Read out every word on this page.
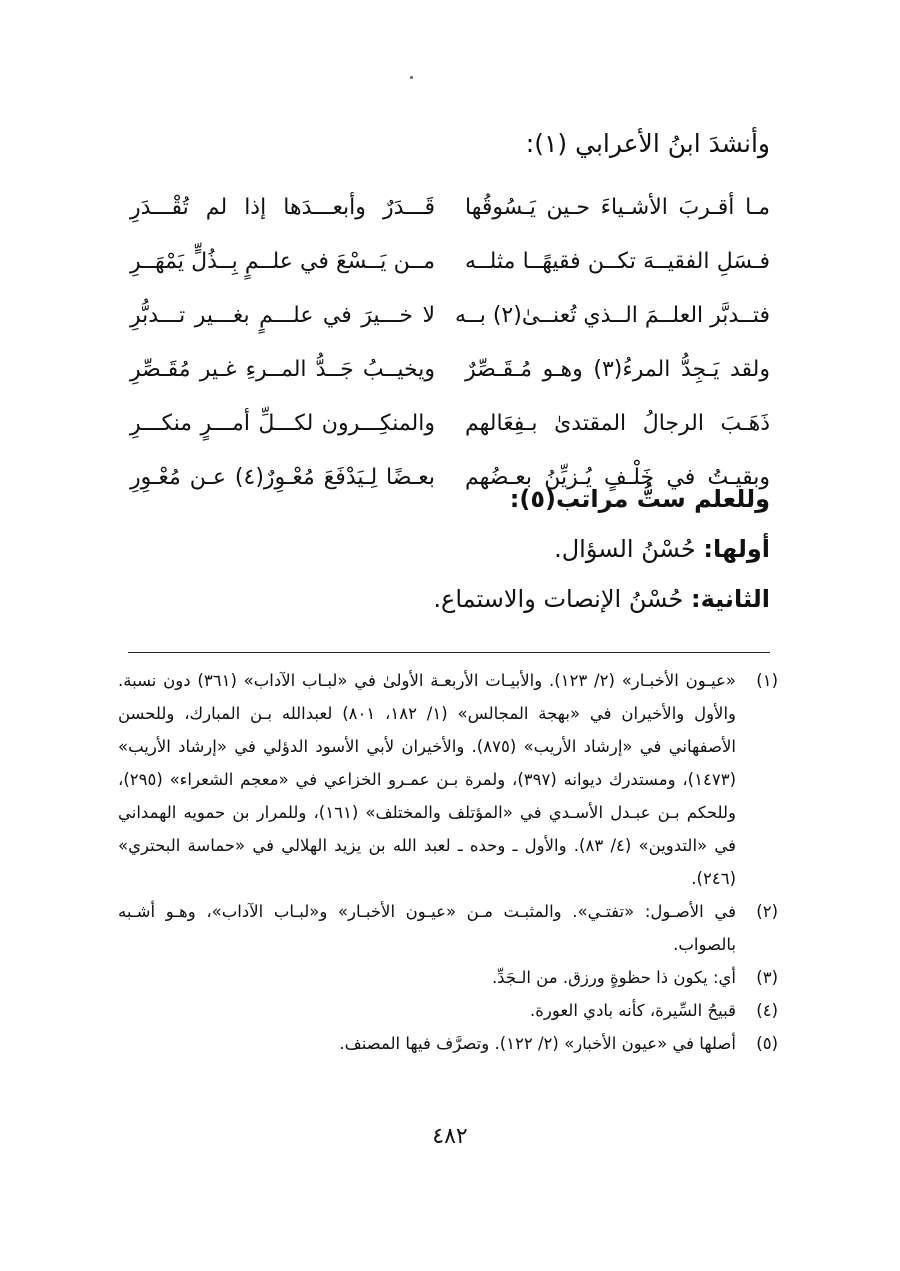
وأنشدَ ابنُ الأعرابي (١):
مـا أقـربَ الأشـياءَ حـين يَـسُوقُها
قَـــدَرٌ وأبعـــدَها إذا لم تُقْـــدَرِ
فـسَلِ الفقيــهَ تكــن فقيهًــا مثلــه
مــن يَــسْعَ في علــمٍ بِــذُلٍّ يَمْهَــرِ
فتــدبَّر العلــمَ الــذي تُعنــىٰ(٢) بــه
لا خـــيرَ في علـــمٍ بغـــير تـــدبُّرِ
ولقد يَـجِدُّ المرءُ(٣) وهـو مُـقَـصِّرٌ
ويخيــبُ جَــدُّ المــرءِ غـير مُقَـصِّرِ
ذَهَـبَ الرجالُ المقتدىٰ بـفِعَالهم
والمنكِـــرون لكـــلِّ أمـــرٍ منكـــرِ
وبقيـتُ في خَلْـفٍ يُـزيِّنُ بعـضُهم
بعـضًا لِـيَدْفَعَ مُعْـوِرٌ(٤) عـن مُعْـوِرِ
وللعلم ستُّ مراتب(٥):
أولها: حُسْنُ السؤال.
الثانية: حُسْنُ الإنصات والاستماع.
(١)
«عيـون الأخبـار» (٢/ ١٢٣). والأبيـات الأربعـة الأولىٰ في «لبـاب الآداب» (٣٦١) دون نسبة. والأول والأخيران في «بهجة المجالس» (١/ ١٨٢، ٨٠١) لعبدالله بـن المبارك، وللحسن الأصفهاني في «إرشاد الأريب» (٨٧٥). والأخيران لأبي الأسود الدؤلي في «إرشاد الأريب» (١٤٧٣)، ومستدرك ديوانه (٣٩٧)، ولمرة بـن عمـرو الخزاعي في «معجم الشعراء» (٢٩٥)، وللحكم بـن عبـدل الأسـدي في «المؤتلف والمختلف» (١٦١)، وللمرار بن حمويه الهمداني في «التدوين» (٤/ ٨٣). والأول ـ وحده ـ لعبد الله بن يزيد الهلالي في «حماسة البحتري» (٢٤٦).
(٢)
في الأصـول: «تفتـي». والمثبـت مـن «عيـون الأخبـار» و«لبـاب الآداب»، وهـو أشـبه بالصواب.
(٣)
أي: يكون ذا حظوةٍ ورزق. من الـجَدِّ.
(٤)
قبيحُ السِّيرة، كأنه بادي العورة.
(٥)
أصلها في «عيون الأخبار» (٢/ ١٢٢). وتصرَّف فيها المصنف.
٤٨٢
